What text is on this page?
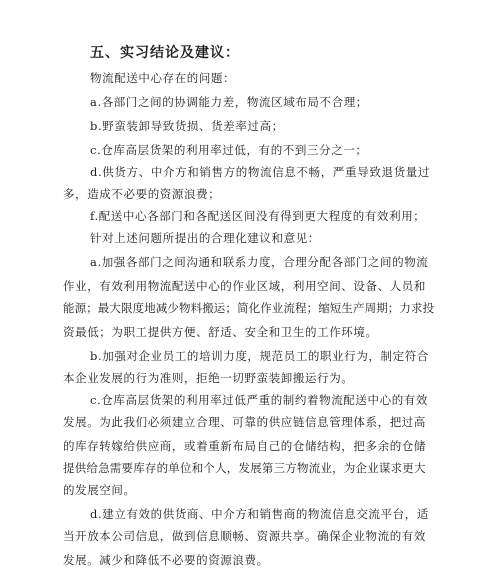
五、实习结论及建议：
物流配送中心存在的问题：
a.各部门之间的协调能力差，物流区域布局不合理；
b.野蛮装卸导致货损、货差率过高；
c.仓库高层货架的利用率过低，有的不到三分之一；
d.供货方、中介方和销售方的物流信息不畅，严重导致退货量过
多，造成不必要的资源浪费；
f.配送中心各部门和各配送区间没有得到更大程度的有效利用；
针对上述问题所提出的合理化建议和意见：
a.加强各部门之间沟通和联系力度，合理分配各部门之间的物流
作业，有效利用物流配送中心的作业区域，利用空间、设备、人员和
能源；最大限度地减少物料搬运；简化作业流程；缩短生产周期；力求投
资最低；为职工提供方便、舒适、安全和卫生的工作环境。
b.加强对企业员工的培训力度，规范员工的职业行为，制定符合
本企业发展的行为准则，拒绝一切野蛮装卸搬运行为。
c.仓库高层货架的利用率过低严重的制约着物流配送中心的有效
发展。为此我们必须建立合理、可靠的供应链信息管理体系，把过高
的库存转嫁给供应商，或着重新布局自己的仓储结构，把多余的仓储
提供给急需要库存的单位和个人，发展第三方物流业，为企业谋求更大
的发展空间。
d.建立有效的供货商、中介方和销售商的物流信息交流平台，适
当开放本公司信息，做到信息顺畅、资源共享。确保企业物流的有效
发展。减少和降低不必要的资源浪费。
